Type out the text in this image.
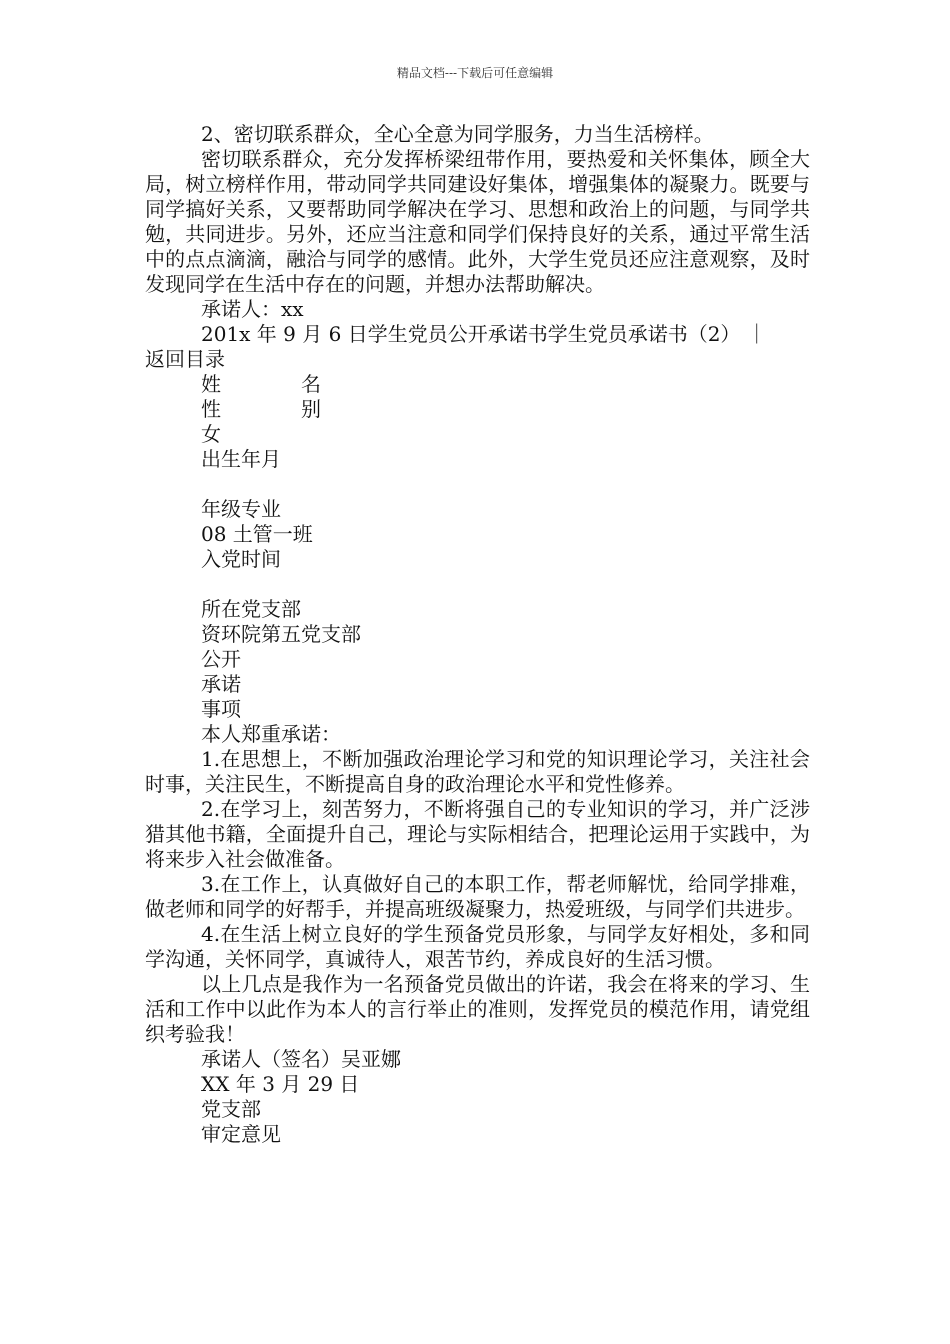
精品文档---下载后可任意编辑

2、密切联系群众，全心全意为同学服务，力当生活榜样。

密切联系群众，充分发挥桥梁纽带作用，要热爱和关怀集体，顾全大局，树立榜样作用，带动同学共同建设好集体，增强集体的凝聚力。既要与同学搞好关系，又要帮助同学解决在学习、思想和政治上的问题，与同学共勉，共同进步。另外，还应当注意和同学们保持良好的关系，通过平常生活中的点点滴滴，融洽与同学的感情。此外，大学生党员还应注意观察，及时发现同学在生活中存在的问题，并想办法帮助解决。

承诺人：xx

201x 年 9 月 6 日学生党员公开承诺书学生党员承诺书（2） ｜

返回目录

姓	名
性	别

女

出生年月

年级专业

08 土管一班

入党时间

所在党支部

资环院第五党支部

公开

承诺

事项

本人郑重承诺：

1.在思想上，不断加强政治理论学习和党的知识理论学习，关注社会时事，关注民生，不断提高自身的政治理论水平和党性修养。

2.在学习上，刻苦努力，不断将强自己的专业知识的学习，并广泛涉猎其他书籍，全面提升自己，理论与实际相结合，把理论运用于实践中，为将来步入社会做准备。

3.在工作上，认真做好自己的本职工作，帮老师解忧，给同学排难，做老师和同学的好帮手，并提高班级凝聚力，热爱班级，与同学们共进步。

4.在生活上树立良好的学生预备党员形象，与同学友好相处，多和同学沟通，关怀同学，真诚待人，艰苦节约，养成良好的生活习惯。

以上几点是我作为一名预备党员做出的许诺，我会在将来的学习、生活和工作中以此作为本人的言行举止的准则，发挥党员的模范作用，请党组织考验我！

承诺人（签名）吴亚娜

XX 年 3 月 29 日

党支部

审定意见
